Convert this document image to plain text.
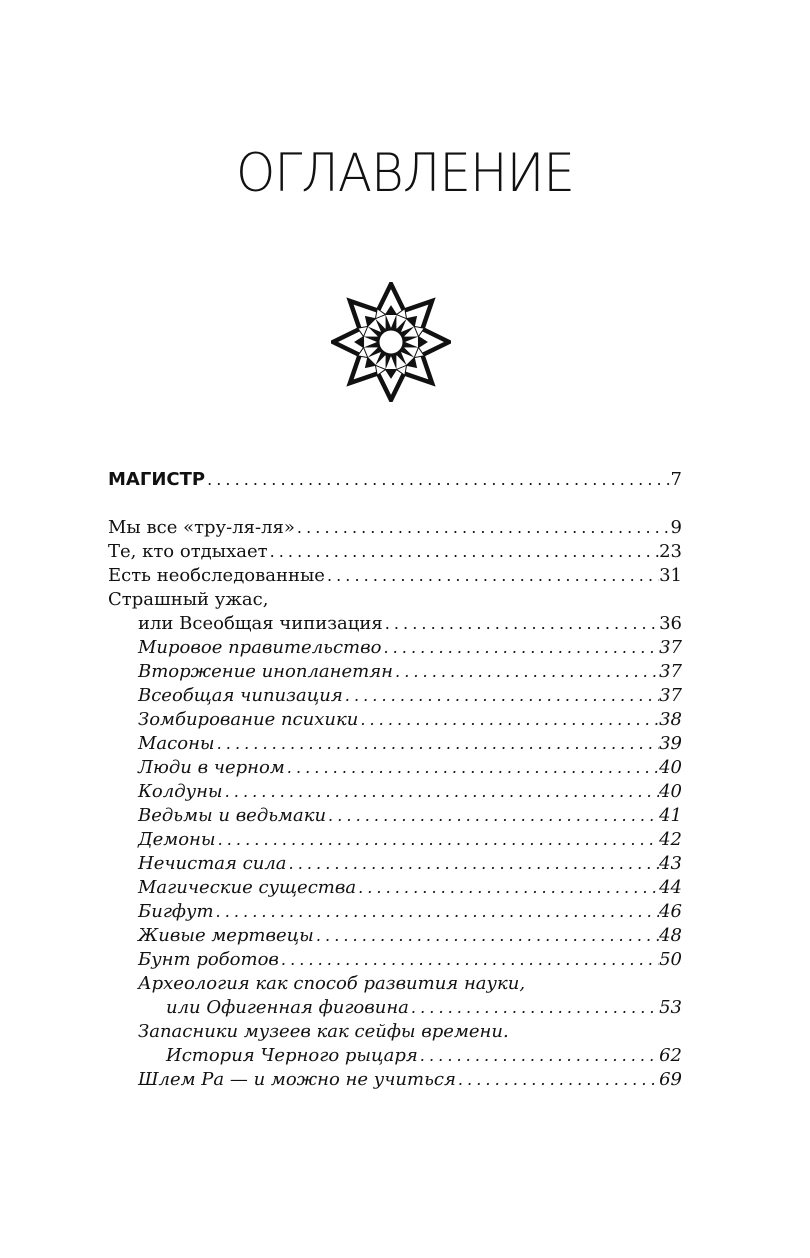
ОГЛАВЛЕНИЕ
МАГИСТР . . .	7
Мы все «тру-ля-ля» . . .	9
Те, кто отдыхает . . .	23
Есть необследованные . . .	31
Страшный ужас,
или Всеобщая чипизация . . .	36
Мировое правительство . . .	37
Вторжение инопланетян . . .	37
Всеобщая чипизация . . .	37
Зомбирование психики . . .	38
Масоны . . .	39
Люди в черном . . .	40
Колдуны . . .	40
Ведьмы и ведьмаки . . .	41
Демоны . . .	42
Нечистая сила . . .	43
Магические существа . . .	44
Бигфут . . .	46
Живые мертвецы . . .	48
Бунт роботов . . .	50
Археология как способ развития науки,
или Офигенная фиговина . . .	53
Запасники музеев как сейфы времени.
История Черного рыцаря . . .	62
Шлем Ра — и можно не учиться . . .	69
